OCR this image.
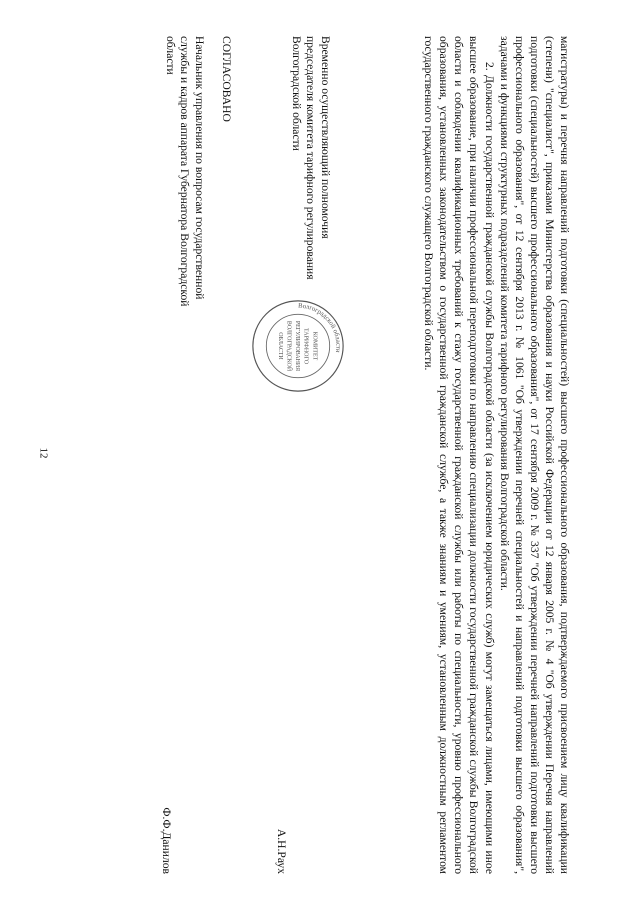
12	магистратуры) и перечня направлений подготовки (специальностей) высшего профессионального образования, подтверждаемого присвоением лицу квалификации (степени) "специалист", приказами Министерства образования и науки Российской Федерации от 12 января 2005 г. № 4 "Об утверждении Перечня направлений подготовки (специальностей) высшего профессионального образования", от 17 сентября 2009 г. № 337 "Об утверждении перечней направлений подготовки высшего профессионального образования", от 12 сентября 2013 г. № 1061 "Об утверждении перечней специальностей и направлений подготовки высшего образования", задачами и функциями структурных подразделений комитета тарифного регулирования Волгоградской области.

2. Должности государственной гражданской службы Волгоградской области (за исключением юридических служб) могут замещаться лицами, имеющими иное высшее образование, при наличии профессиональной переподготовки по направлению специализации должности государственной гражданской службы Волгоградской области и соблюдении квалификационных требований к стажу государственной гражданской службы или работы по специальности, уровню профессионального образования, установленных законодательством о государственной гражданской службе, а также знаниям и умениям, установленным должностным регламентом государственного гражданского служащего Волгоградской области.

Временно осуществляющий полномочия председателя комитета тарифного регулирования Волгоградской области
А.Н.Раух
Волгоградской области
КОМИТЕТ
ТАРИФНОГО
РЕГУЛИРОВАНИЯ
ВОЛГОГРАДСКОЙ
ОБЛАСТИ
СОГЛАСОВАНО
Начальник управления по вопросам государственной службы и кадров аппарата Губернатора Волгоградской области
Ф.Ф.Данилов
